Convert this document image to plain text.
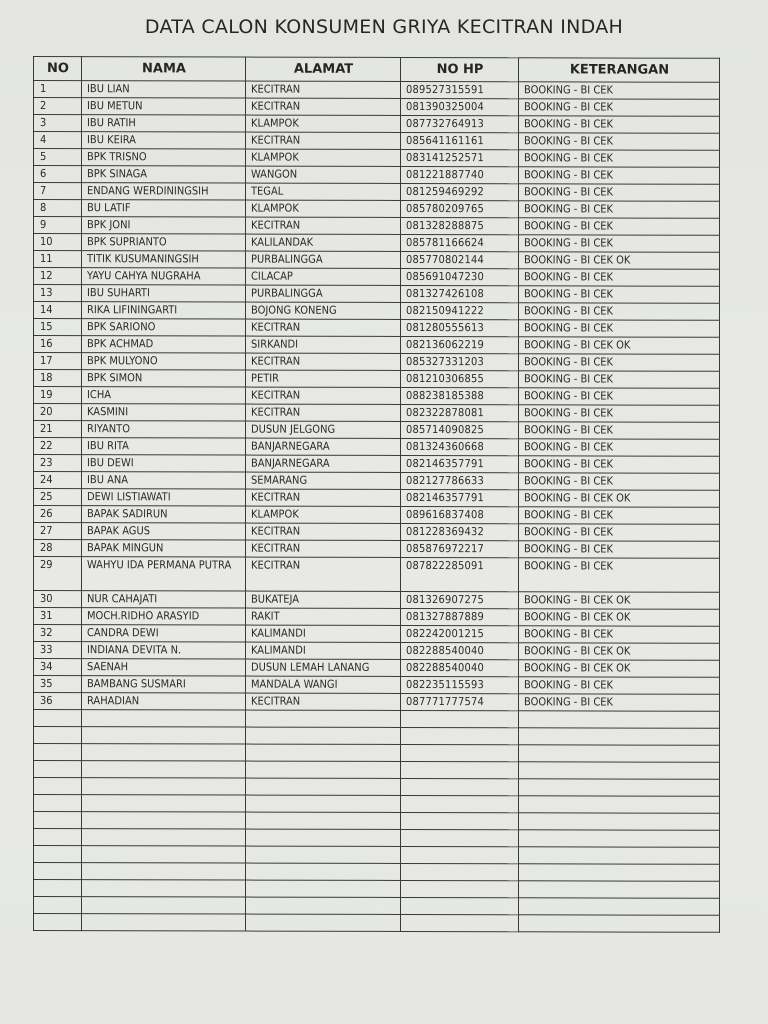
DATA CALON KONSUMEN GRIYA KECITRAN INDAH
NO	NAMA	ALAMAT	NO HP	KETERANGAN
1	IBU LIAN	KECITRAN	089527315591	BOOKING - BI CEK
2	IBU METUN	KECITRAN	081390325004	BOOKING - BI CEK
3	IBU RATIH	KLAMPOK	087732764913	BOOKING - BI CEK
4	IBU KEIRA	KECITRAN	085641161161	BOOKING - BI CEK
5	BPK TRISNO	KLAMPOK	083141252571	BOOKING - BI CEK
6	BPK SINAGA	WANGON	081221887740	BOOKING - BI CEK
7	ENDANG WERDININGSIH	TEGAL	081259469292	BOOKING - BI CEK
8	BU LATIF	KLAMPOK	085780209765	BOOKING - BI CEK
9	BPK JONI	KECITRAN	081328288875	BOOKING - BI CEK
10	BPK SUPRIANTO	KALILANDAK	085781166624	BOOKING - BI CEK
11	TITIK KUSUMANINGSIH	PURBALINGGA	085770802144	BOOKING - BI CEK OK
12	YAYU CAHYA NUGRAHA	CILACAP	085691047230	BOOKING - BI CEK
13	IBU SUHARTI	PURBALINGGA	081327426108	BOOKING - BI CEK
14	RIKA LIFININGARTI	BOJONG KONENG	082150941222	BOOKING - BI CEK
15	BPK SARIONO	KECITRAN	081280555613	BOOKING - BI CEK
16	BPK ACHMAD	SIRKANDI	082136062219	BOOKING - BI CEK OK
17	BPK MULYONO	KECITRAN	085327331203	BOOKING - BI CEK
18	BPK SIMON	PETIR	081210306855	BOOKING - BI CEK
19	ICHA	KECITRAN	088238185388	BOOKING - BI CEK
20	KASMINI	KECITRAN	082322878081	BOOKING - BI CEK
21	RIYANTO	DUSUN JELGONG	085714090825	BOOKING - BI CEK
22	IBU RITA	BANJARNEGARA	081324360668	BOOKING - BI CEK
23	IBU DEWI	BANJARNEGARA	082146357791	BOOKING - BI CEK
24	IBU ANA	SEMARANG	082127786633	BOOKING - BI CEK
25	DEWI LISTIAWATI	KECITRAN	082146357791	BOOKING - BI CEK OK
26	BAPAK SADIRUN	KLAMPOK	089616837408	BOOKING - BI CEK
27	BAPAK AGUS	KECITRAN	081228369432	BOOKING - BI CEK
28	BAPAK MINGUN	KECITRAN	085876972217	BOOKING - BI CEK
29	WAHYU IDA PERMANA PUTRA	KECITRAN	087822285091	BOOKING - BI CEK
30	NUR CAHAJATI	BUKATEJA	081326907275	BOOKING - BI CEK OK
31	MOCH.RIDHO ARASYID	RAKIT	081327887889	BOOKING - BI CEK OK
32	CANDRA DEWI	KALIMANDI	082242001215	BOOKING - BI CEK
33	INDIANA DEVITA N.	KALIMANDI	082288540040	BOOKING - BI CEK OK
34	SAENAH	DUSUN LEMAH LANANG	082288540040	BOOKING - BI CEK OK
35	BAMBANG SUSMARI	MANDALA WANGI	082235115593	BOOKING - BI CEK
36	RAHADIAN	KECITRAN	087771777574	BOOKING - BI CEK
